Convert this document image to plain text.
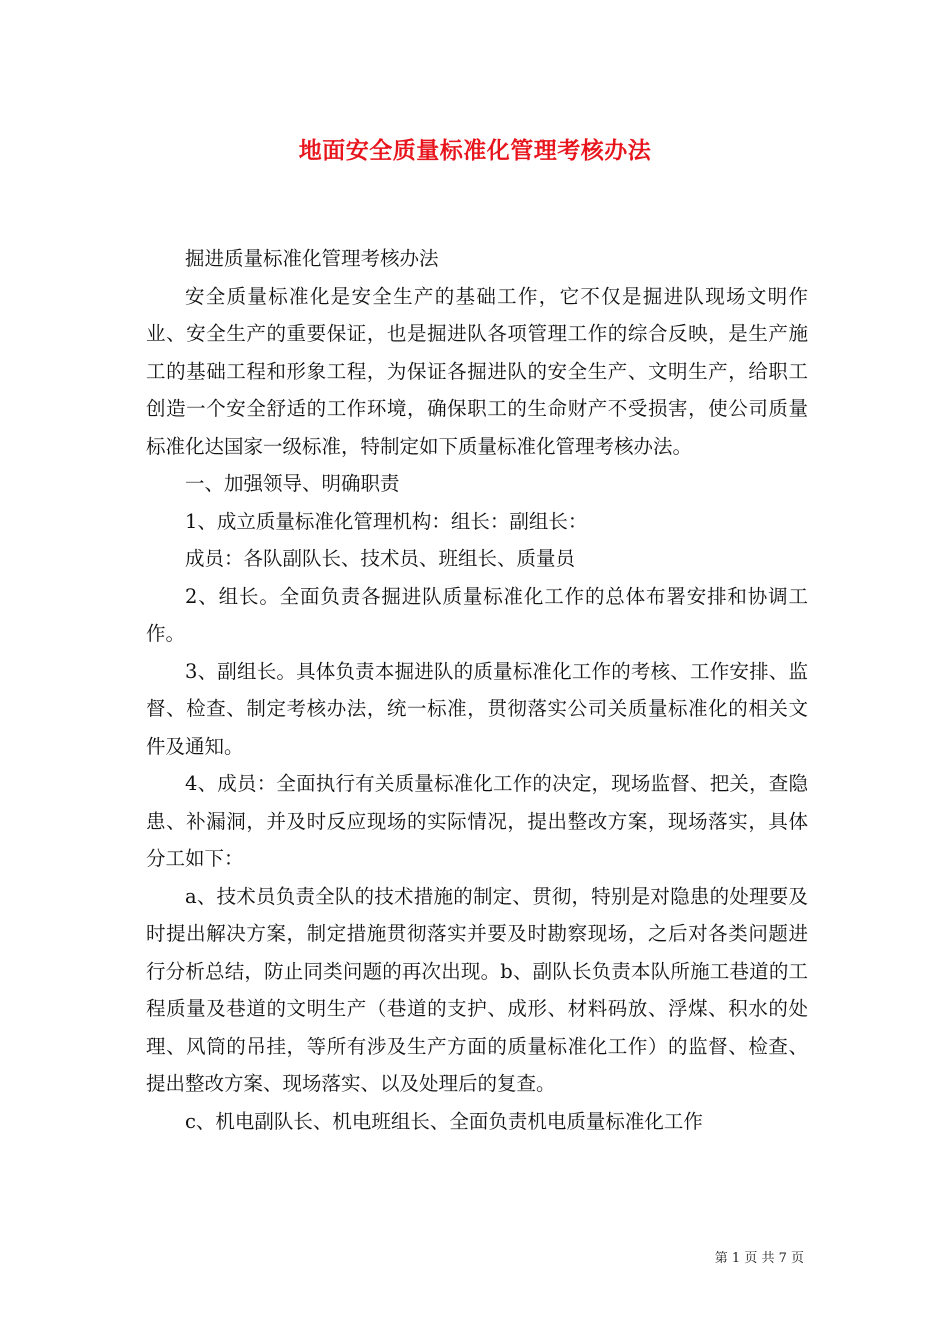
地面安全质量标准化管理考核办法

掘进质量标准化管理考核办法

安全质量标准化是安全生产的基础工作，它不仅是掘进队现场文明作业、安全生产的重要保证，也是掘进队各项管理工作的综合反映，是生产施工的基础工程和形象工程，为保证各掘进队的安全生产、文明生产，给职工创造一个安全舒适的工作环境，确保职工的生命财产不受损害，使公司质量标准化达国家一级标准，特制定如下质量标准化管理考核办法。

一、加强领导、明确职责

1、成立质量标准化管理机构：组长：副组长：

成员：各队副队长、技术员、班组长、质量员

2、组长。全面负责各掘进队质量标准化工作的总体布署安排和协调工作。

3、副组长。具体负责本掘进队的质量标准化工作的考核、工作安排、监督、检查、制定考核办法，统一标准，贯彻落实公司关质量标准化的相关文件及通知。

4、成员：全面执行有关质量标准化工作的决定，现场监督、把关，查隐患、补漏洞，并及时反应现场的实际情况，提出整改方案，现场落实，具体分工如下：

a、技术员负责全队的技术措施的制定、贯彻，特别是对隐患的处理要及时提出解决方案，制定措施贯彻落实并要及时勘察现场，之后对各类问题进行分析总结，防止同类问题的再次出现。b、副队长负责本队所施工巷道的工程质量及巷道的文明生产（巷道的支护、成形、材料码放、浮煤、积水的处理、风筒的吊挂，等所有涉及生产方面的质量标准化工作）的监督、检查、提出整改方案、现场落实、以及处理后的复查。

c、机电副队长、机电班组长、全面负责机电质量标准化工作

第 1 页 共 7 页
